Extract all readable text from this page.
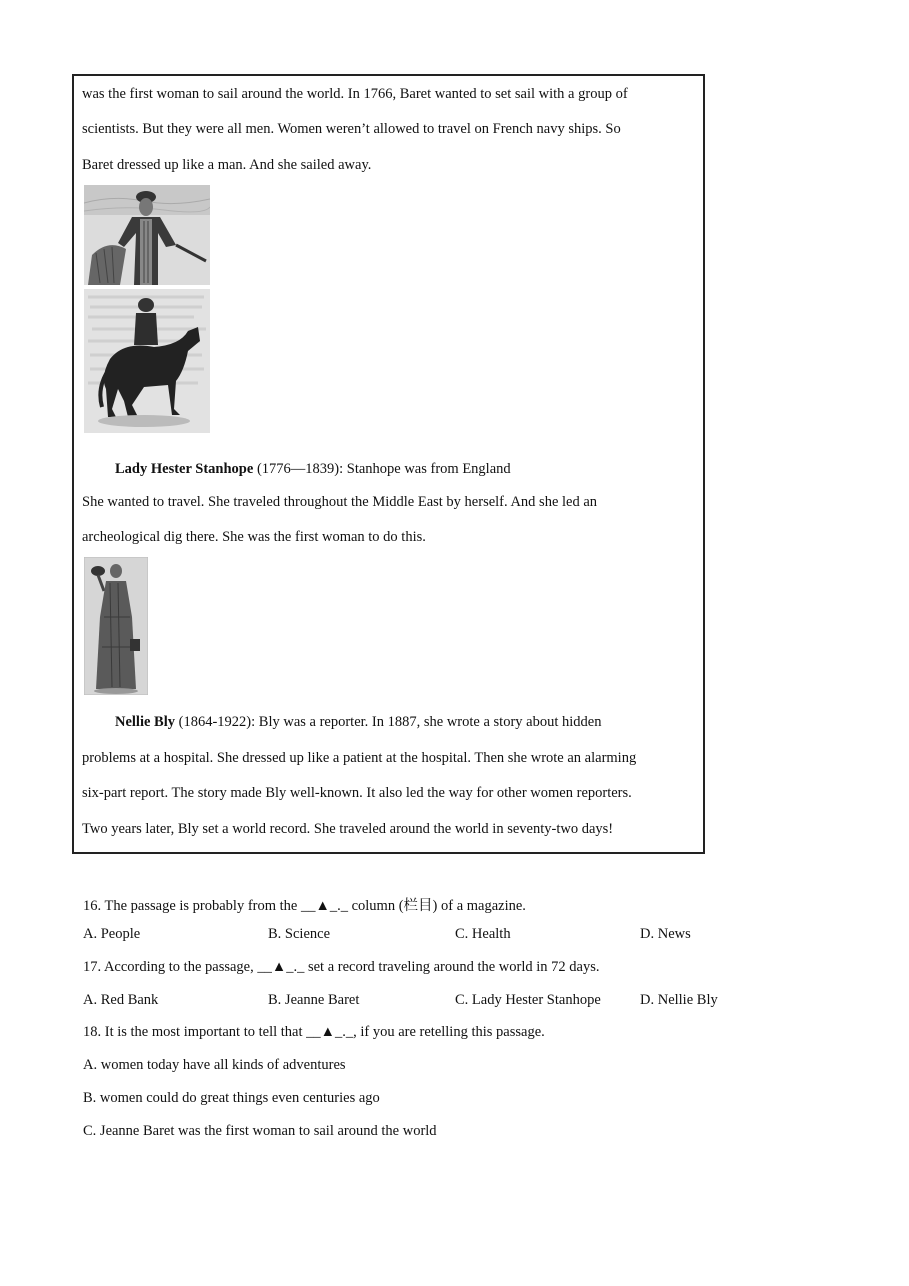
was the first woman to sail around the world. In 1766, Baret wanted to set sail with a group of
scientists. But they were all men. Women weren’t allowed to travel on French navy ships. So
Baret dressed up like a man. And she sailed away.
Lady Hester Stanhope (1776—1839): Stanhope was from England
She wanted to travel. She traveled throughout the Middle East by herself. And she led an
archeological dig there. She was the first woman to do this.
Nellie Bly (1864-1922): Bly was a reporter. In 1887, she wrote a story about hidden
problems at a hospital. She dressed up like a patient at the hospital. Then she wrote an alarming
six-part report. The story made Bly well-known. It also led the way for other women reporters.
Two years later, Bly set a world record. She traveled around the world in seventy-two days!
16. The passage is probably from the __▲_._ column (栏目) of a magazine.
A. People	B. Science	C. Health	D. News
17. According to the passage, __▲_._ set a record traveling around the world in 72 days.
A. Red Bank	B. Jeanne Baret	C. Lady Hester Stanhope	D. Nellie Bly
18. It is the most important to tell that __▲_._, if you are retelling this passage.
A. women today have all kinds of adventures
B. women could do great things even centuries ago
C. Jeanne Baret was the first woman to sail around the world
